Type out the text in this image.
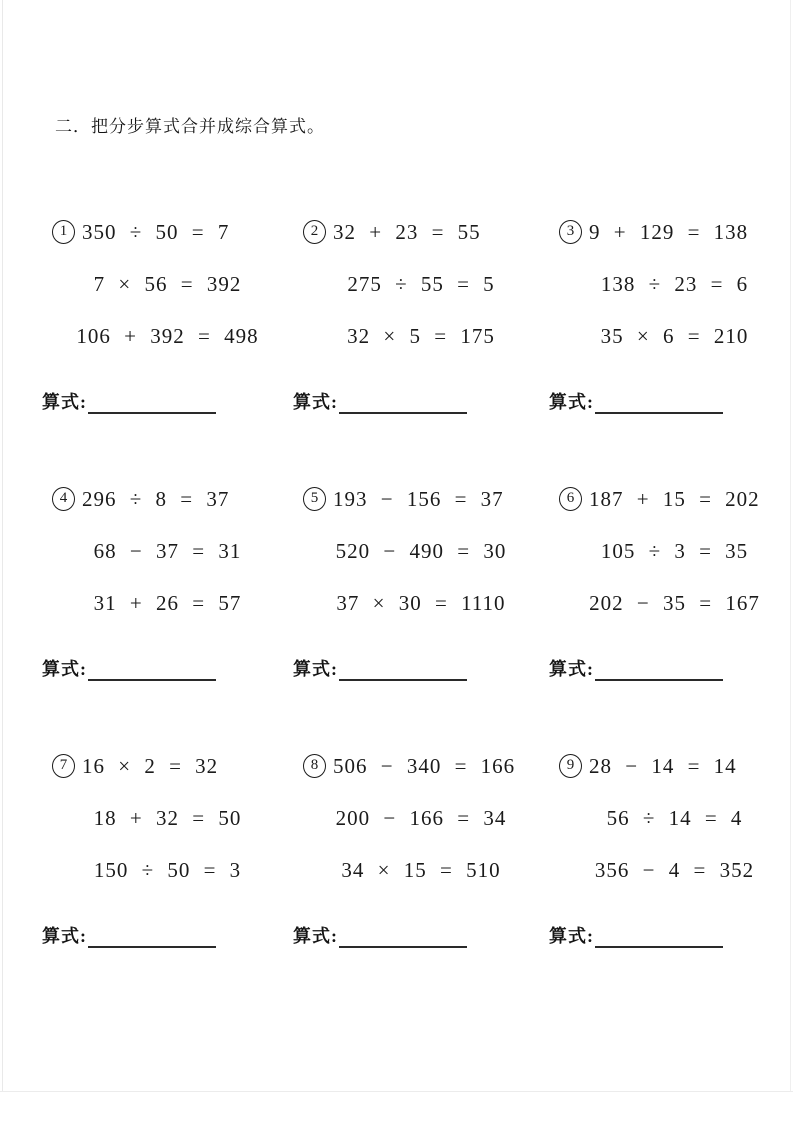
二．把分步算式合并成综合算式。
1 350 ÷ 50 = 7
7 × 56 = 392
106 + 392 = 498
算式:
2 32 + 23 = 55
275 ÷ 55 = 5
32 × 5 = 175
算式:
3 9 + 129 = 138
138 ÷ 23 = 6
35 × 6 = 210
算式:
4 296 ÷ 8 = 37
68 − 37 = 31
31 + 26 = 57
算式:
5 193 − 156 = 37
520 − 490 = 30
37 × 30 = 1110
算式:
6 187 + 15 = 202
105 ÷ 3 = 35
202 − 35 = 167
算式:
7 16 × 2 = 32
18 + 32 = 50
150 ÷ 50 = 3
算式:
8 506 − 340 = 166
200 − 166 = 34
34 × 15 = 510
算式:
9 28 − 14 = 14
56 ÷ 14 = 4
356 − 4 = 352
算式:
